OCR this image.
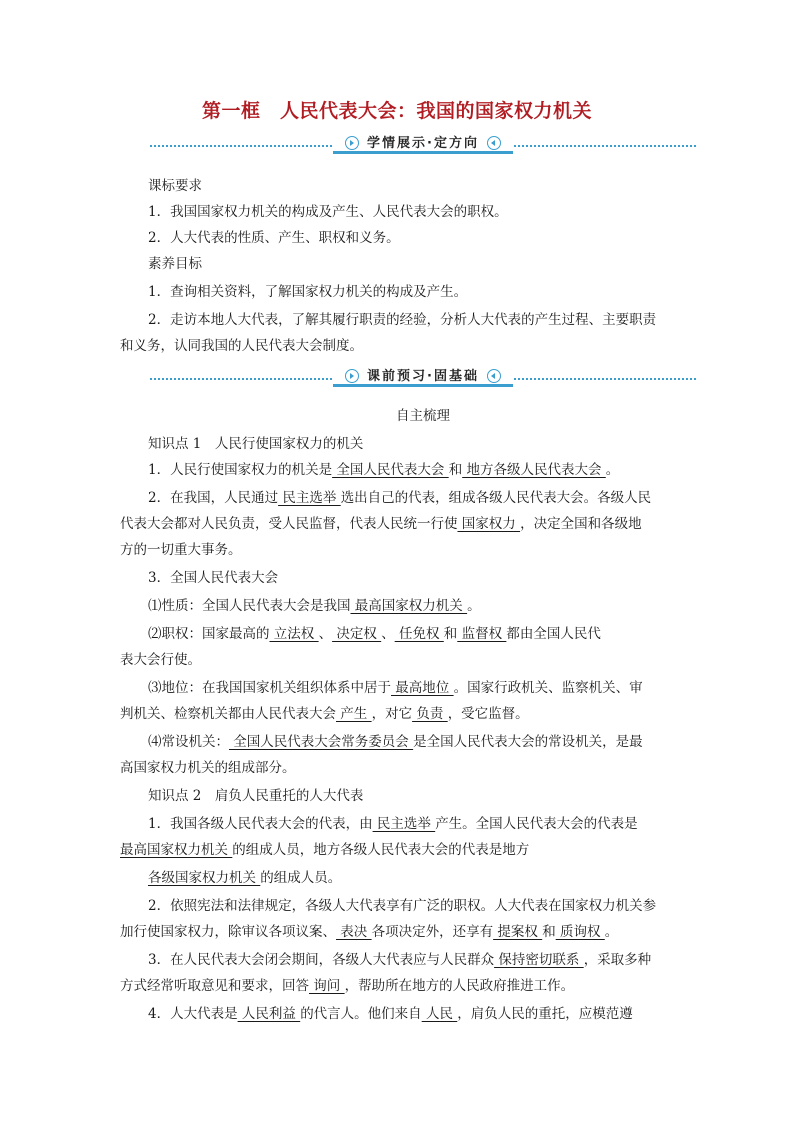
第一框　人民代表大会：我国的国家权力机关
学情展示·定方向
课前预习·固基础
课标要求
1．我国国家权力机关的构成及产生、人民代表大会的职权。
2．人大代表的性质、产生、职权和义务。
素养目标
1．查询相关资料，了解国家权力机关的构成及产生。
2．走访本地人大代表，了解其履行职责的经验，分析人大代表的产生过程、主要职责
和义务，认同我国的人民代表大会制度。
自主梳理
知识点 1　人民行使国家权力的机关
1．人民行使国家权力的机关是 全国人民代表大会 和 地方各级人民代表大会 。
2．在我国，人民通过 民主选举 选出自己的代表，组成各级人民代表大会。各级人民
代表大会都对人民负责，受人民监督，代表人民统一行使 国家权力 ，决定全国和各级地
方的一切重大事务。
3．全国人民代表大会
⑴性质：全国人民代表大会是我国 最高国家权力机关 。
⑵职权：国家最高的 立法权 、 决定权 、 任免权 和 监督权 都由全国人民代
表大会行使。
⑶地位：在我国国家机关组织体系中居于 最高地位 。国家行政机关、监察机关、审
判机关、检察机关都由人民代表大会 产生 ，对它 负责 ，受它监督。
⑷常设机关： 全国人民代表大会常务委员会 是全国人民代表大会的常设机关，是最
高国家权力机关的组成部分。
知识点 2　肩负人民重托的人大代表
1．我国各级人民代表大会的代表，由 民主选举 产生。全国人民代表大会的代表是
最高国家权力机关 的组成人员，地方各级人民代表大会的代表是地方
各级国家权力机关 的组成人员。
2．依照宪法和法律规定，各级人大代表享有广泛的职权。人大代表在国家权力机关参
加行使国家权力，除审议各项议案、 表决 各项决定外，还享有 提案权 和 质询权 。
3．在人民代表大会闭会期间，各级人大代表应与人民群众 保持密切联系 ，采取多种
方式经常听取意见和要求，回答 询问 ，帮助所在地方的人民政府推进工作。
4．人大代表是 人民利益 的代言人。他们来自 人民 ，肩负人民的重托，应模范遵
